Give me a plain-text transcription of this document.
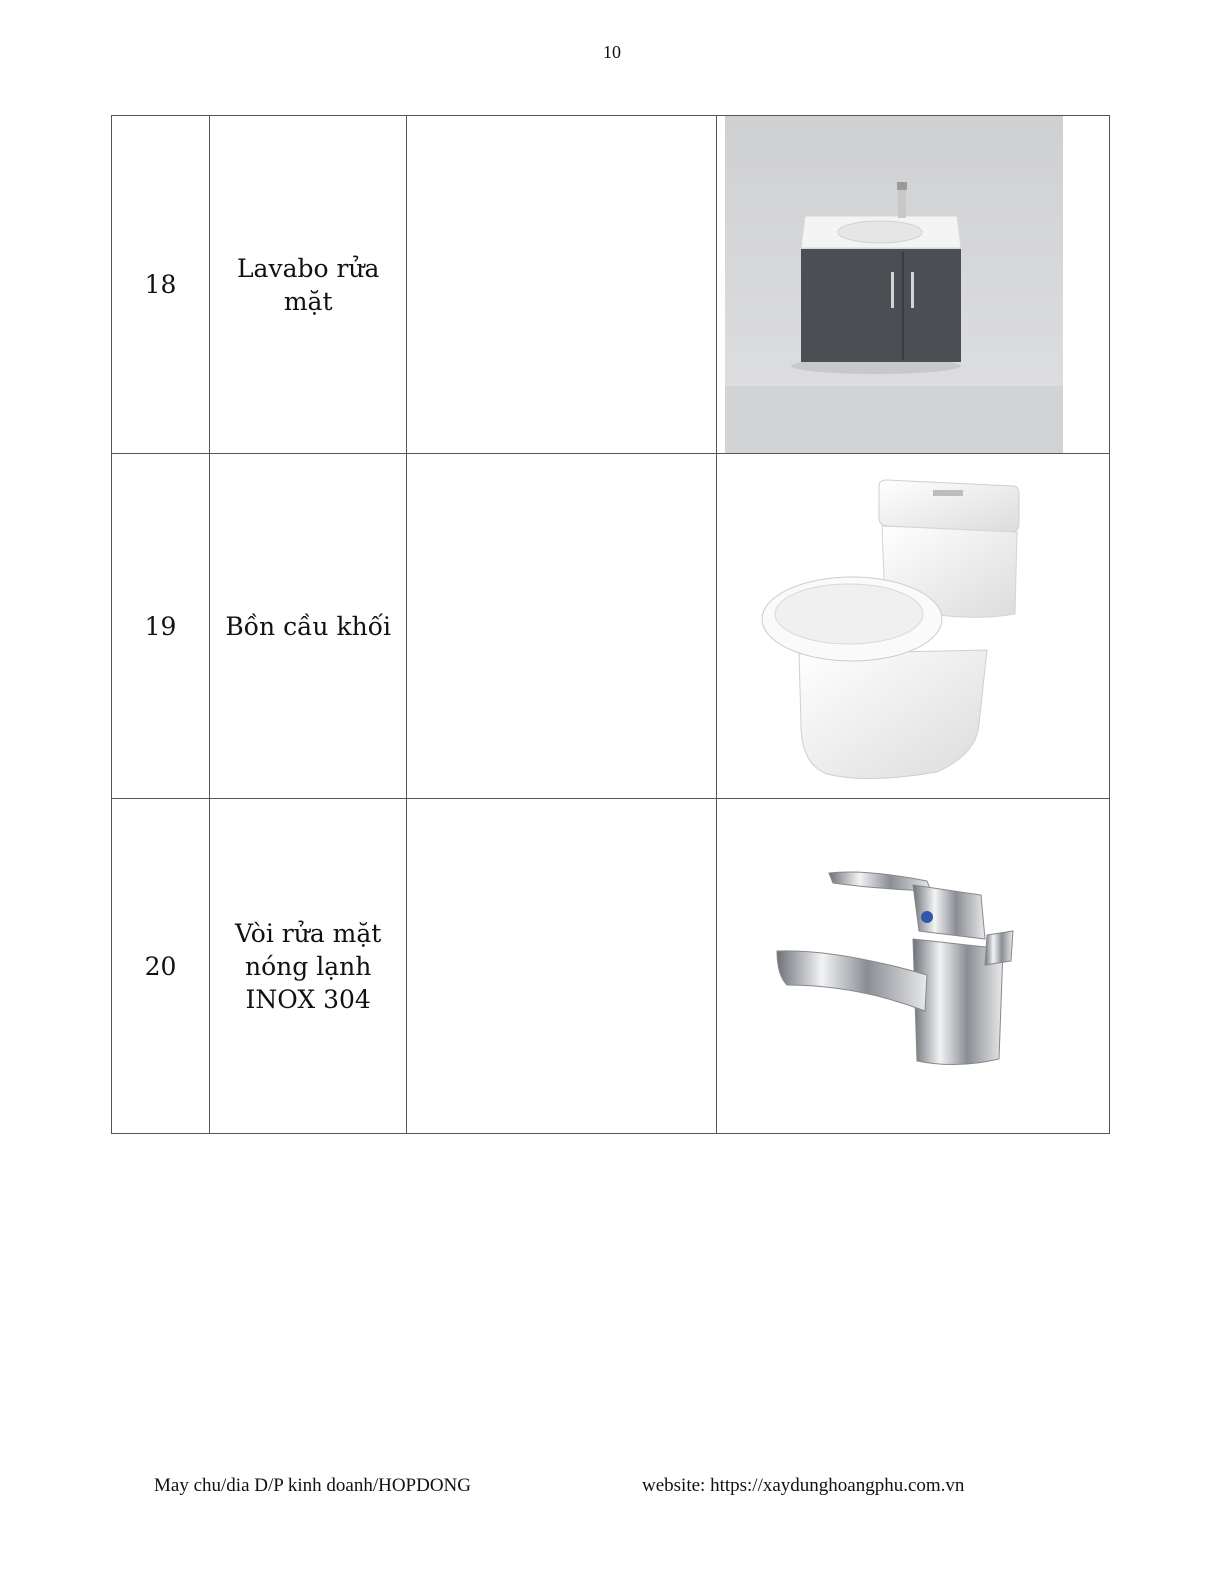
10
18	Lavabo rửa mặt		

19	Bồn cầu khối		

20	Vòi rửa mặt nóng lạnh INOX 304		
May chu/dia D/P kinh doanh/HOPDONG	website: https://xaydunghoangphu.com.vn
